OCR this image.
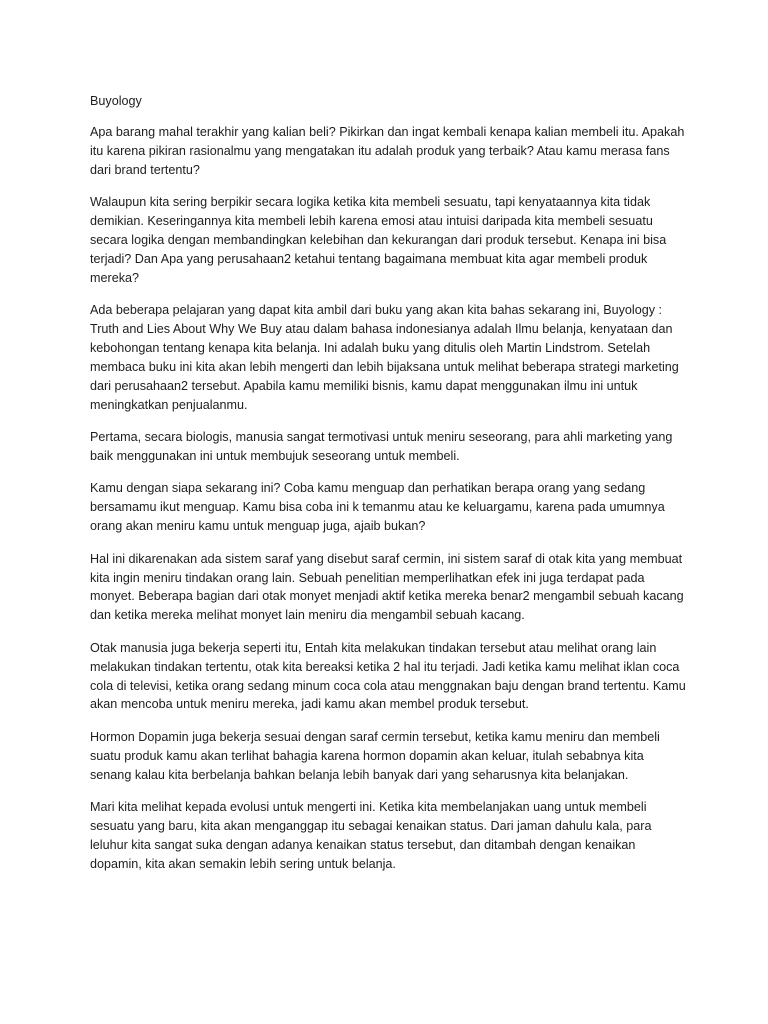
Buyology

Apa barang mahal terakhir yang kalian beli? Pikirkan dan ingat kembali kenapa kalian membeli itu. Apakah itu karena pikiran rasionalmu yang mengatakan itu adalah produk yang terbaik? Atau kamu merasa fans dari brand tertentu?

Walaupun kita sering berpikir secara logika ketika kita membeli sesuatu, tapi kenyataannya kita tidak demikian. Keseringannya kita membeli lebih karena emosi atau intuisi daripada kita membeli sesuatu secara logika dengan membandingkan kelebihan dan kekurangan dari produk tersebut. Kenapa ini bisa terjadi? Dan Apa yang perusahaan2 ketahui tentang bagaimana membuat kita agar membeli produk mereka?

Ada beberapa pelajaran yang dapat kita ambil dari buku yang akan kita bahas sekarang ini, Buyology : Truth and Lies About Why We Buy atau dalam bahasa indonesianya adalah Ilmu belanja, kenyataan dan kebohongan tentang kenapa kita belanja. Ini adalah buku yang ditulis oleh Martin Lindstrom. Setelah membaca buku ini kita akan lebih mengerti dan lebih bijaksana untuk melihat beberapa strategi marketing dari perusahaan2 tersebut. Apabila kamu memiliki bisnis, kamu dapat menggunakan ilmu ini untuk meningkatkan penjualanmu.

Pertama, secara biologis, manusia sangat termotivasi untuk meniru seseorang, para ahli marketing yang baik menggunakan ini untuk membujuk seseorang untuk membeli.

Kamu dengan siapa sekarang ini? Coba kamu menguap dan perhatikan berapa orang yang sedang bersamamu ikut menguap. Kamu bisa coba ini k temanmu atau ke keluargamu, karena pada umumnya orang akan meniru kamu untuk menguap juga, ajaib bukan?

Hal ini dikarenakan ada sistem saraf yang disebut saraf cermin, ini sistem saraf di otak kita yang membuat kita ingin meniru tindakan orang lain. Sebuah penelitian memperlihatkan efek ini juga terdapat pada monyet. Beberapa bagian dari otak monyet menjadi aktif ketika mereka benar2 mengambil sebuah kacang dan ketika mereka melihat monyet lain meniru dia mengambil sebuah kacang.

Otak manusia juga bekerja seperti itu, Entah kita melakukan tindakan tersebut atau melihat orang lain melakukan tindakan tertentu, otak kita bereaksi ketika 2 hal itu terjadi. Jadi ketika kamu melihat iklan coca cola di televisi, ketika orang sedang minum coca cola atau menggnakan baju dengan brand tertentu. Kamu akan mencoba untuk meniru mereka, jadi kamu akan membel produk tersebut.

Hormon Dopamin juga bekerja sesuai dengan saraf cermin tersebut, ketika kamu meniru dan membeli suatu produk kamu akan terlihat bahagia karena hormon dopamin akan keluar, itulah sebabnya kita senang kalau kita berbelanja bahkan belanja lebih banyak dari yang seharusnya kita belanjakan.

Mari kita melihat kepada evolusi untuk mengerti ini. Ketika kita membelanjakan uang untuk membeli sesuatu yang baru, kita akan menganggap itu sebagai kenaikan status. Dari jaman dahulu kala, para leluhur kita sangat suka dengan adanya kenaikan status tersebut, dan ditambah dengan kenaikan dopamin, kita akan semakin lebih sering untuk belanja.
